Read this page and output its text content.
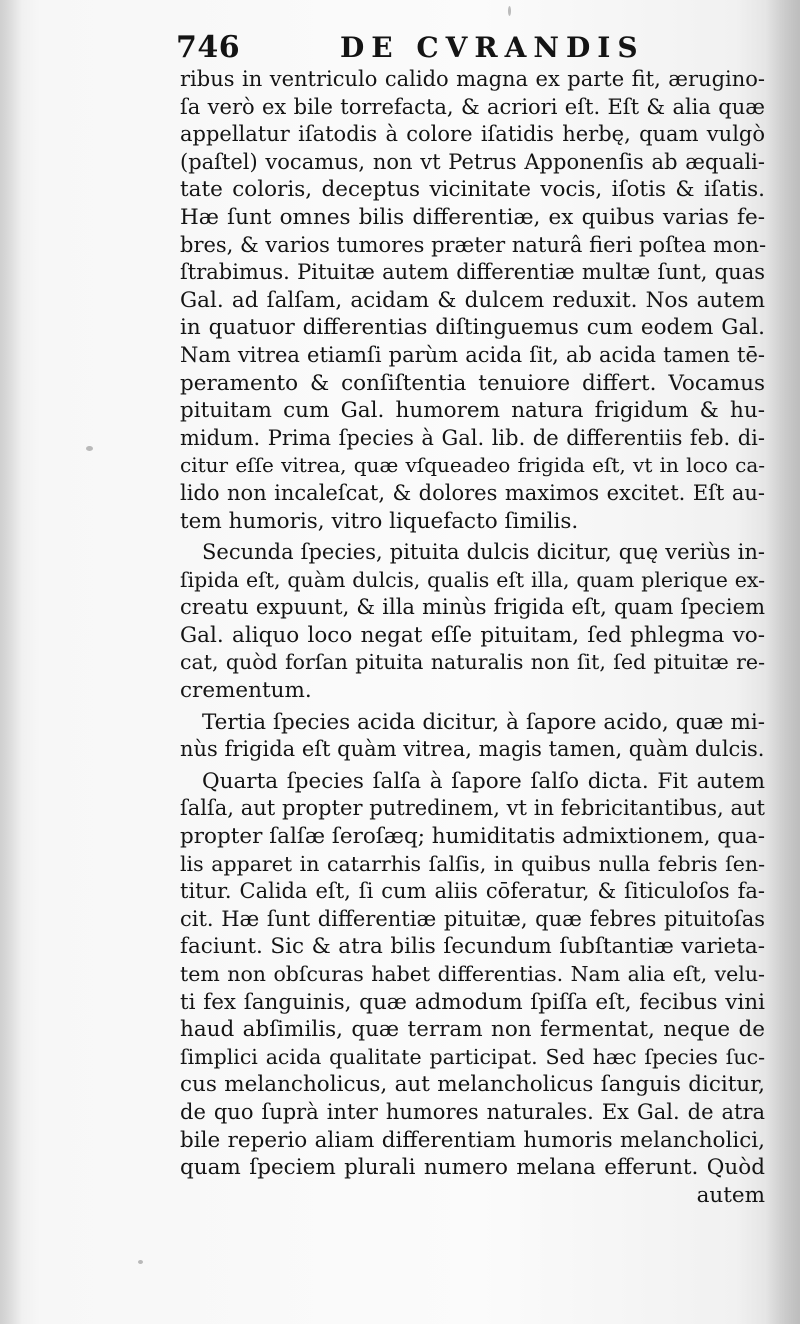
746	DE CVRANDIS
ribus in ventriculo calido magna ex parte fit, ærugino-
ſa verò ex bile torrefacta, & acriori eſt. Eſt & alia quæ
appellatur iſatodis à colore iſatidis herbę, quam vulgò
(paſtel) vocamus, non vt Petrus Apponenſis ab æquali-
tate coloris, deceptus vicinitate vocis, iſotis & iſatis.
Hæ ſunt omnes bilis differentiæ, ex quibus varias fe-
bres, & varios tumores præter naturâ fieri poſtea mon-
ſtrabimus. Pituitæ autem differentiæ multæ ſunt, quas
Gal. ad ſalſam, acidam & dulcem reduxit. Nos autem
in quatuor differentias diſtinguemus cum eodem Gal.
Nam vitrea etiamſi parùm acida ſit, ab acida tamen tē-
peramento & conſiſtentia tenuiore differt. Vocamus
pituitam cum Gal. humorem natura frigidum & hu-
midum. Prima ſpecies à Gal. lib. de differentiis feb. di-
citur eſſe vitrea, quæ vſqueadeo frigida eſt, vt in loco ca-
lido non incaleſcat, & dolores maximos excitet. Eſt au-
tem humoris, vitro liquefacto ſimilis.
Secunda ſpecies, pituita dulcis dicitur, quę veriùs in-
ſipida eſt, quàm dulcis, qualis eſt illa, quam plerique ex-
creatu expuunt, & illa minùs frigida eſt, quam ſpeciem
Gal. aliquo loco negat eſſe pituitam, ſed phlegma vo-
cat, quòd forſan pituita naturalis non ſit, ſed pituitæ re-
crementum.
Tertia ſpecies acida dicitur, à ſapore acido, quæ mi-
nùs frigida eſt quàm vitrea, magis tamen, quàm dulcis.
Quarta ſpecies ſalſa à ſapore ſalſo dicta. Fit autem
ſalſa, aut propter putredinem, vt in febricitantibus, aut
propter ſalſæ ſeroſæq; humiditatis admixtionem, qua-
lis apparet in catarrhis ſalſis, in quibus nulla febris ſen-
titur. Calida eſt, ſi cum aliis cōferatur, & ſiticuloſos fa-
cit. Hæ ſunt differentiæ pituitæ, quæ febres pituitoſas
faciunt. Sic & atra bilis ſecundum ſubſtantiæ varieta-
tem non obſcuras habet differentias. Nam alia eſt, velu-
ti fex ſanguinis, quæ admodum ſpiſſa eſt, fecibus vini
haud abſimilis, quæ terram non fermentat, neque de
ſimplici acida qualitate participat. Sed hæc ſpecies ſuc-
cus melancholicus, aut melancholicus ſanguis dicitur,
de quo ſuprà inter humores naturales. Ex Gal. de atra
bile reperio aliam differentiam humoris melancholici,
quam ſpeciem plurali numero melana efferunt. Quòd
autem
